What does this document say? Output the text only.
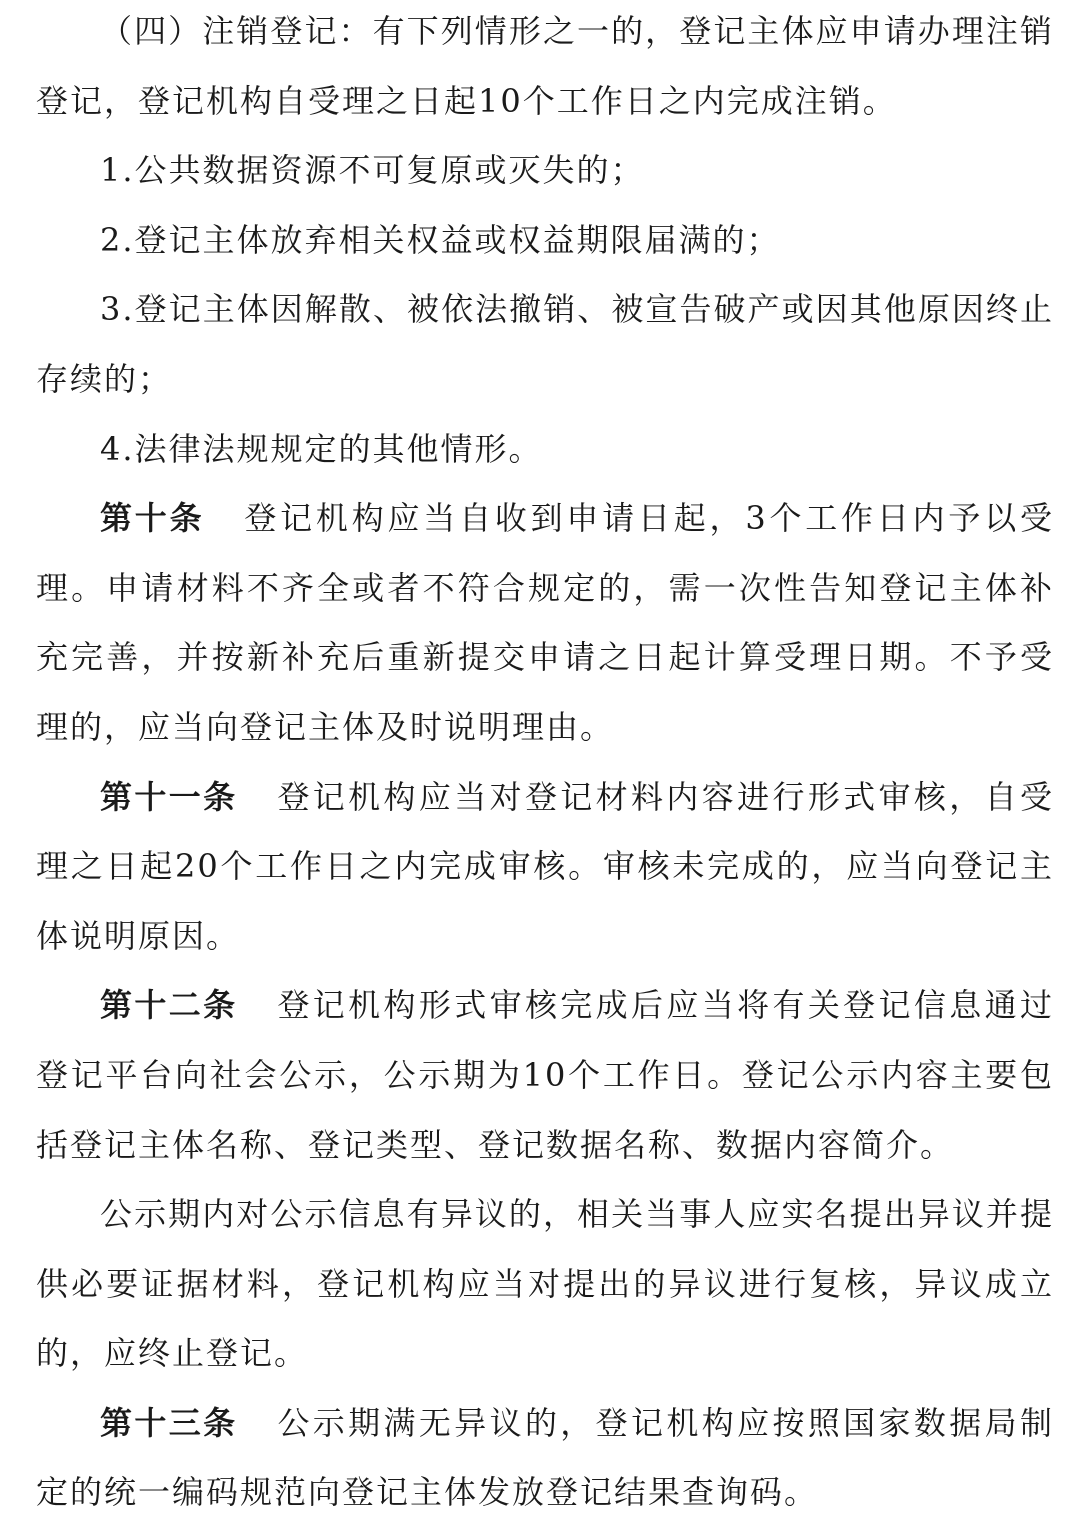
（四）注销登记：有下列情形之一的，登记主体应申请办理注销登记，登记机构自受理之日起10个工作日之内完成注销。

1.公共数据资源不可复原或灭失的；

2.登记主体放弃相关权益或权益期限届满的；

3.登记主体因解散、被依法撤销、被宣告破产或因其他原因终止存续的；

4.法律法规规定的其他情形。

第十条 登记机构应当自收到申请日起，3个工作日内予以受理。申请材料不齐全或者不符合规定的，需一次性告知登记主体补充完善，并按新补充后重新提交申请之日起计算受理日期。不予受理的，应当向登记主体及时说明理由。

第十一条 登记机构应当对登记材料内容进行形式审核，自受理之日起20个工作日之内完成审核。审核未完成的，应当向登记主体说明原因。

第十二条 登记机构形式审核完成后应当将有关登记信息通过登记平台向社会公示，公示期为10个工作日。登记公示内容主要包括登记主体名称、登记类型、登记数据名称、数据内容简介。

公示期内对公示信息有异议的，相关当事人应实名提出异议并提供必要证据材料，登记机构应当对提出的异议进行复核，异议成立的，应终止登记。

第十三条 公示期满无异议的，登记机构应按照国家数据局制定的统一编码规范向登记主体发放登记结果查询码。
